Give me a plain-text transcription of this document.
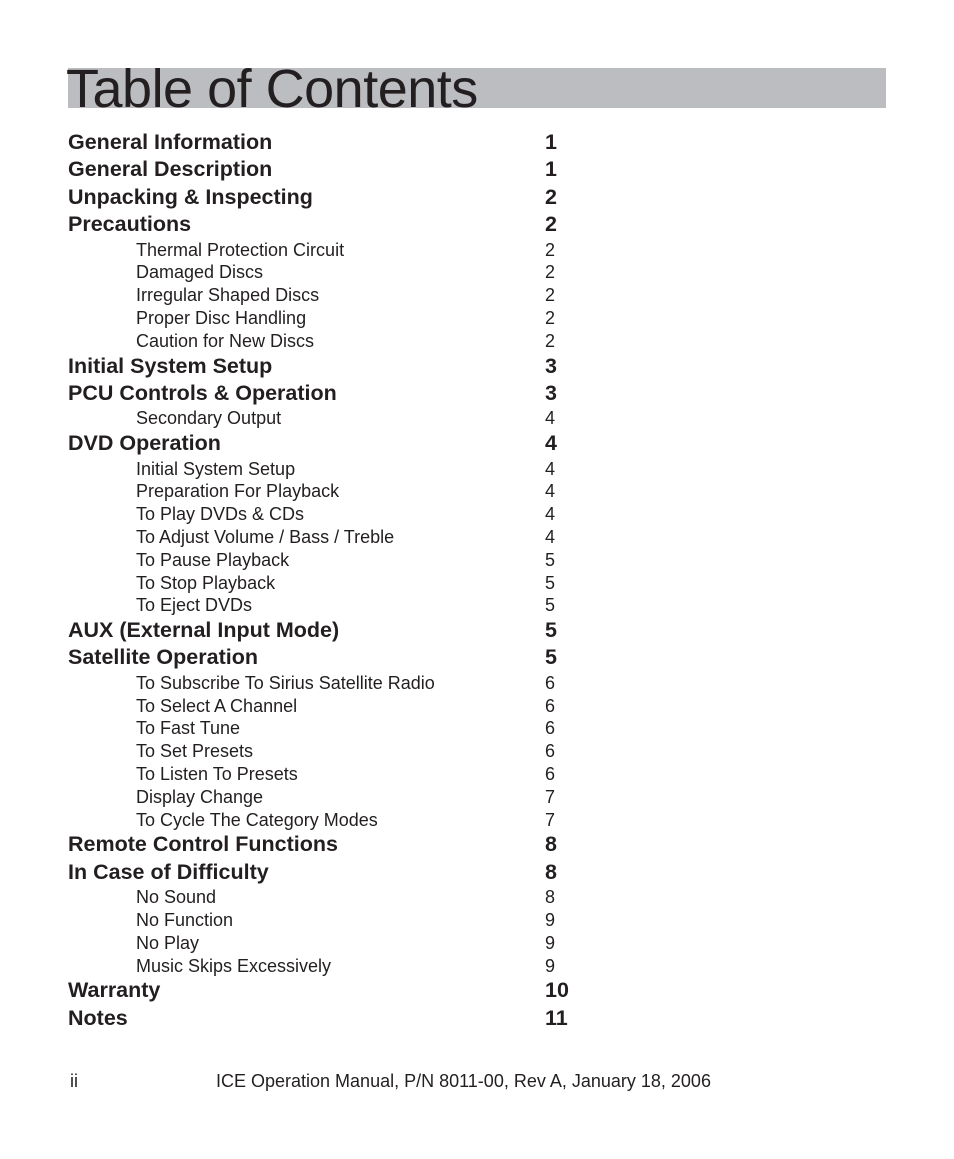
Table of Contents
General Information	1
General Description	1
Unpacking & Inspecting	2
Precautions	2
Thermal Protection Circuit	2
Damaged Discs	2
Irregular Shaped Discs	2
Proper Disc Handling	2
Caution for New Discs	2
Initial System Setup	3
PCU Controls & Operation	3
Secondary Output	4
DVD Operation	4
Initial System Setup	4
Preparation For Playback	4
To Play DVDs & CDs	4
To Adjust Volume / Bass / Treble	4
To Pause Playback	5
To Stop Playback	5
To Eject DVDs	5
AUX (External Input Mode)	5
Satellite Operation	5
To Subscribe To Sirius Satellite Radio	6
To Select A Channel	6
To Fast Tune	6
To Set Presets	6
To Listen To Presets	6
Display Change	7
To Cycle The Category Modes	7
Remote Control Functions	8
In Case of Difficulty	8
No Sound	8
No Function	9
No Play	9
Music Skips Excessively	9
Warranty	10
Notes	11
ii	ICE Operation Manual, P/N 8011-00, Rev A, January 18, 2006
